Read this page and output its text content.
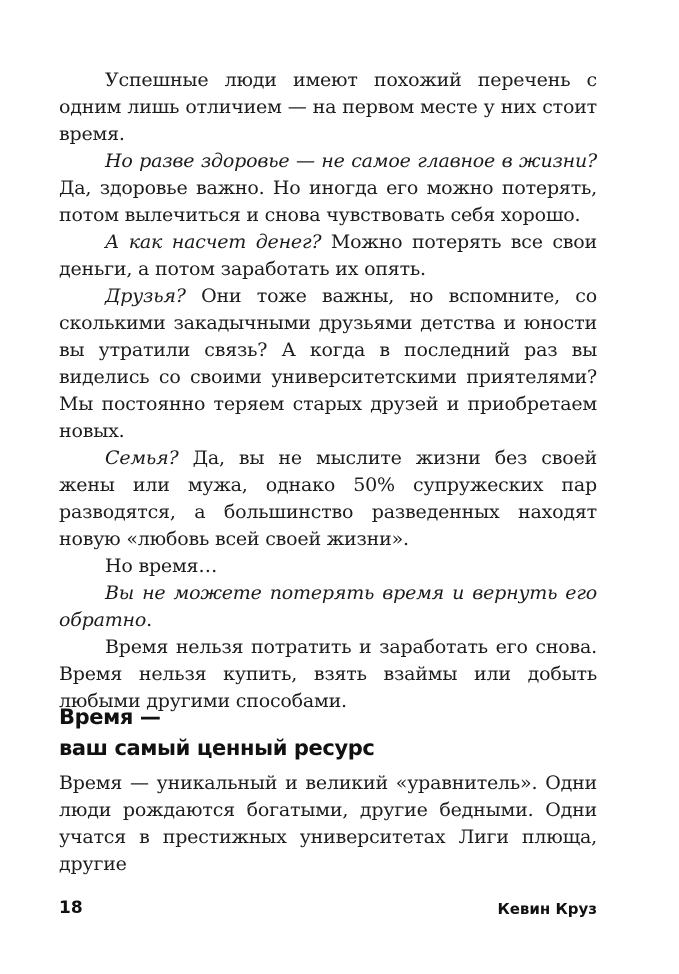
Успешные люди имеют похожий перечень с одним лишь отличием — на первом месте у них стоит время.

Но разве здоровье — не самое главное в жизни? Да, здоровье важно. Но иногда его можно потерять, потом вылечиться и снова чувствовать себя хорошо.

А как насчет денег? Можно потерять все свои деньги, а потом заработать их опять.

Друзья? Они тоже важны, но вспомните, со сколькими закадычными друзьями детства и юности вы утратили связь? А когда в последний раз вы виделись со своими университетскими приятелями? Мы постоянно теряем старых друзей и приобретаем новых.

Семья? Да, вы не мыслите жизни без своей жены или мужа, однако 50% супружеских пар разводятся, а большинство разведенных находят новую «любовь всей своей жизни».

Но время…

Вы не можете потерять время и вернуть его обратно.

Время нельзя потратить и заработать его снова. Время нельзя купить, взять взаймы или добыть любыми другими способами.

Время —
ваш самый ценный ресурс

Время — уникальный и великий «уравнитель». Одни люди рождаются богатыми, другие бедными. Одни учатся в престижных университетах Лиги плюща, другие

18	Кевин Круз
